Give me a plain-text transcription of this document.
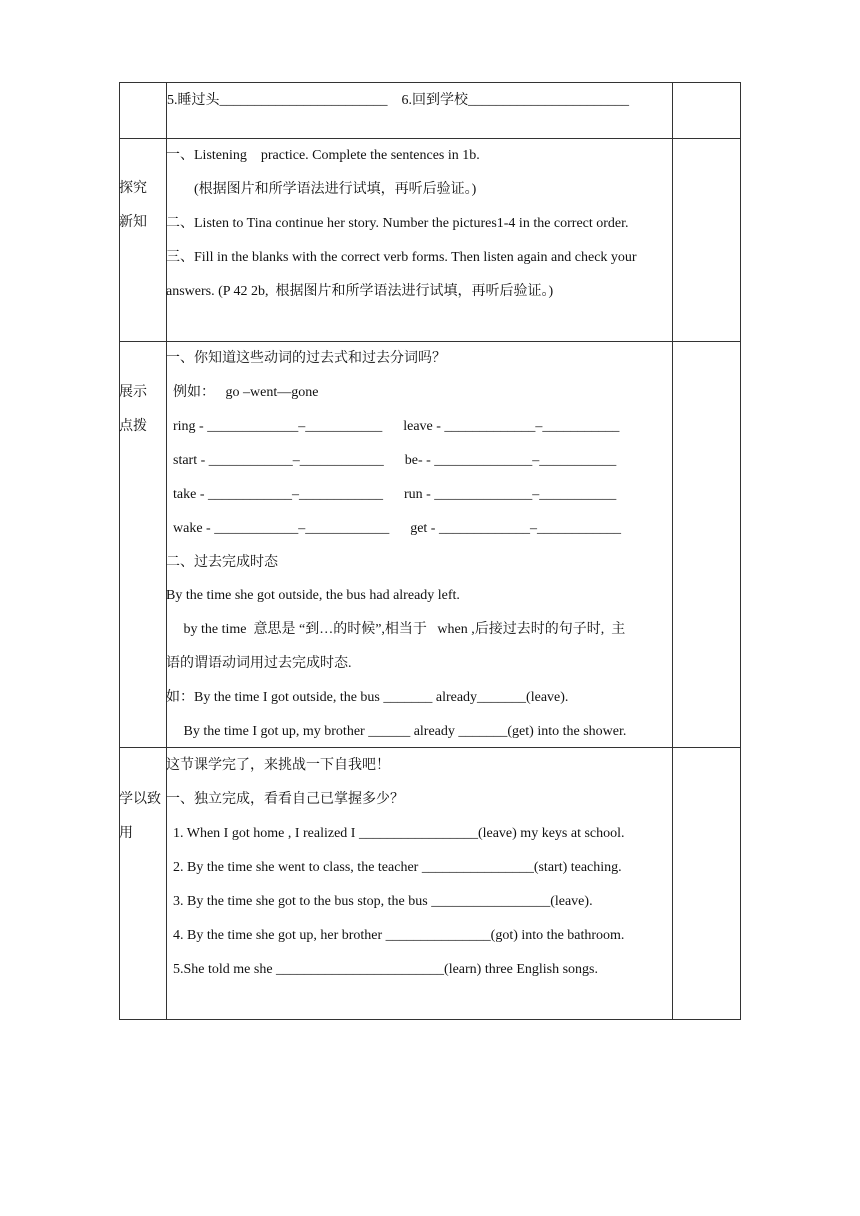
5.睡过头________________________    6.回到学校_______________________
探究
新知
一、Listening    practice. Complete the sentences in 1b.
(根据图片和所学语法进行试填，再听后验证。)
二、Listen to Tina continue her story. Number the pictures1-4 in the correct order.
三、Fill in the blanks with the correct verb forms. Then listen again and check your
answers. (P 42 2b,  根据图片和所学语法进行试填，再听后验证。)
展示
点拨
一、你知道这些动词的过去式和过去分词吗？
例如：   go –went—gone
ring - _____________–___________      leave - _____________–___________
start - ____________–____________      be- - ______________–___________
take - ____________–____________      run - ______________–___________
wake - ____________–____________      get - _____________–____________
二、过去完成时态
By the time she got outside, the bus had already left.
by the time  意思是 “到…的时候”,相当于   when ,后接过去时的句子时,  主
语的谓语动词用过去完成时态.
如：By the time I got outside, the bus _______ already_______(leave).
By the time I got up, my brother ______ already _______(get) into the shower.
学以致
用
这节课学完了，来挑战一下自我吧！
一、独立完成，看看自己已掌握多少？
1. When I got home , I realized I _________________(leave) my keys at school.
2. By the time she went to class, the teacher ________________(start) teaching.
3. By the time she got to the bus stop, the bus _________________(leave).
4. By the time she got up, her brother _______________(got) into the bathroom.
5.She told me she ________________________(learn) three English songs.
